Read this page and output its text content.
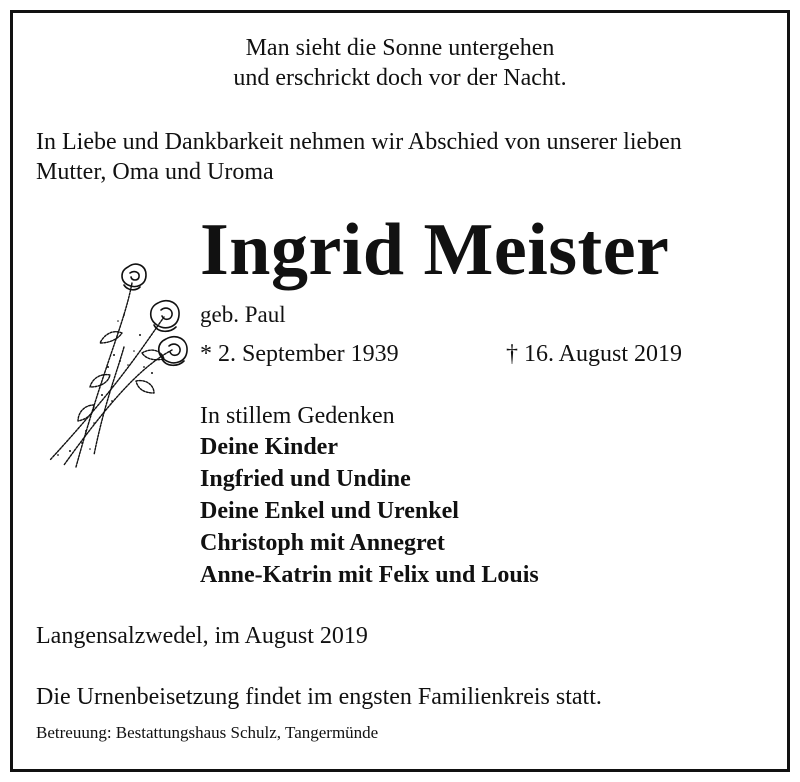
Man sieht die Sonne untergehen
und erschrickt doch vor der Nacht.
In Liebe und Dankbarkeit nehmen wir Abschied von unserer lieben
Mutter, Oma und Uroma
Ingrid Meister
geb. Paul
* 2. September 1939	† 16. August 2019
In stillem Gedenken
Deine Kinder
Ingfried und Undine
Deine Enkel und Urenkel
Christoph mit Annegret
Anne-Katrin mit Felix und Louis
Langensalzwedel, im August 2019
Die Urnenbeisetzung findet im engsten Familienkreis statt.
Betreuung: Bestattungshaus Schulz, Tangermünde
